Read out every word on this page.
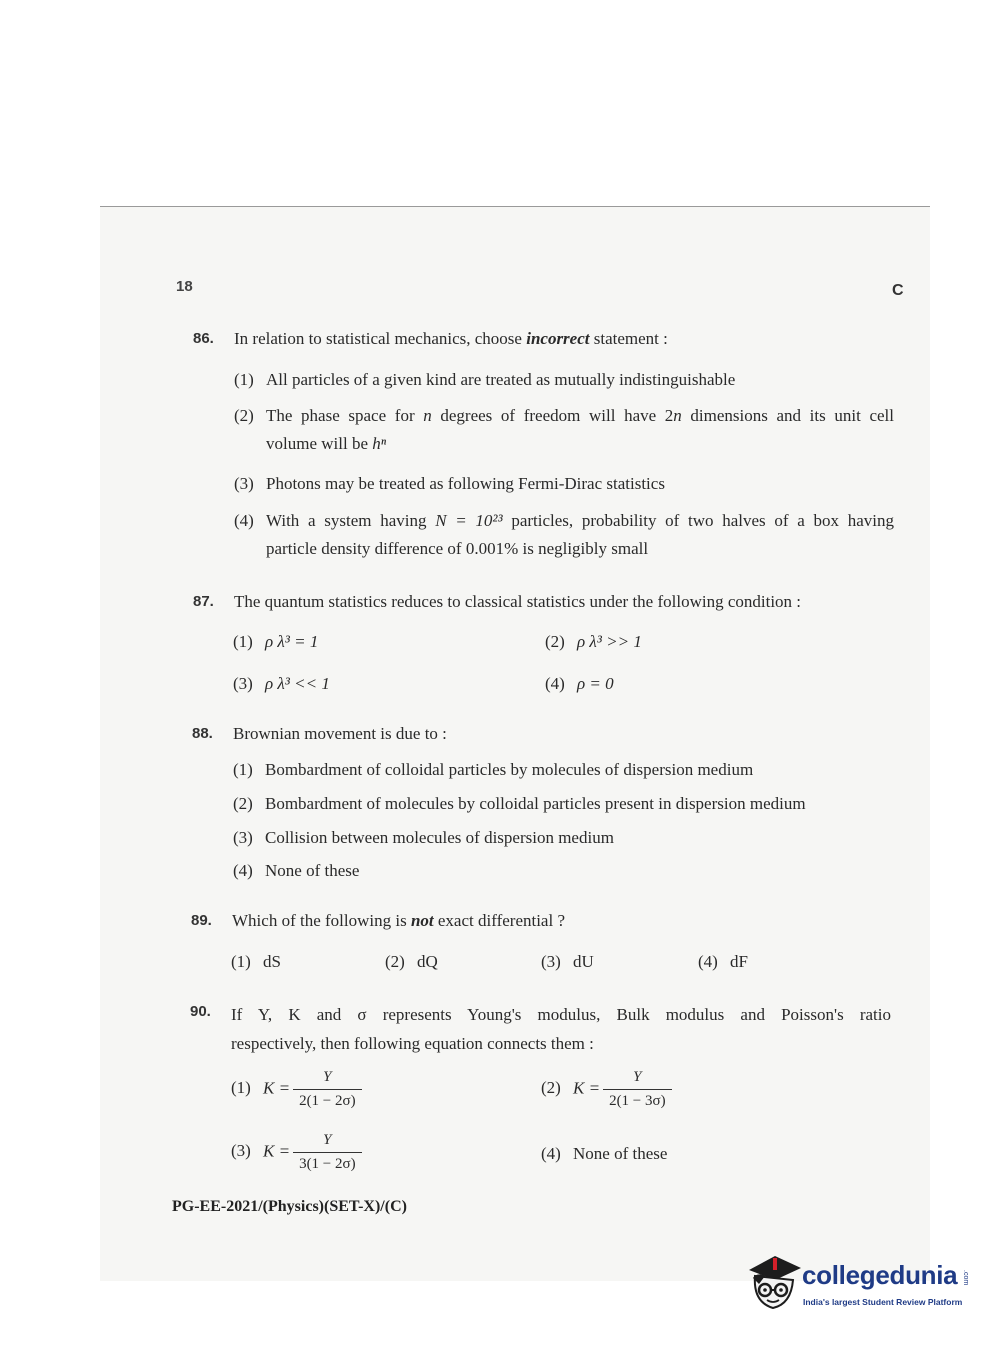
18	C
86. In relation to statistical mechanics, choose incorrect statement :
(1) All particles of a given kind are treated as mutually indistinguishable
(2) The phase space for n degrees of freedom will have 2n dimensions and its unit cell
volume will be hⁿ
(3) Photons may be treated as following Fermi-Dirac statistics
(4) With a system having N = 10²³ particles, probability of two halves of a box having
particle density difference of 0.001% is negligibly small
87. The quantum statistics reduces to classical statistics under the following condition :
(1) ρ λ³ = 1	(2) ρ λ³ >> 1
(3) ρ λ³ << 1	(4) ρ = 0
88. Brownian movement is due to :
(1) Bombardment of colloidal particles by molecules of dispersion medium
(2) Bombardment of molecules by colloidal particles present in dispersion medium
(3) Collision between molecules of dispersion medium
(4) None of these
89. Which of the following is not exact differential ?
(1) dS	(2) dQ	(3) dU	(4) dF
90. If Y, K and σ represents Young's modulus, Bulk modulus and Poisson's ratio
respectively, then following equation connects them :
(1) $K = \frac{Y}{2(1 - 2\sigma)}$	(2) $K = \frac{Y}{2(1 - 3\sigma)}$
(3) $K = \frac{Y}{3(1 - 2\sigma)}$	(4) None of these
PG-EE-2021/(Physics)(SET-X)/(C)
collegedunia .com
India's largest Student Review Platform
